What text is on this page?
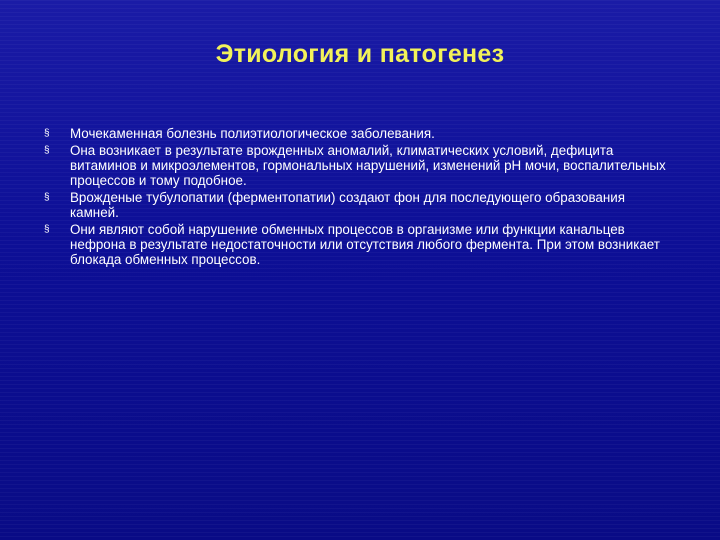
Этиология и патогенез
§ Мочекаменная болезнь полиэтиологическое заболевания.
§ Она возникает в результате врожденных аномалий, климатических условий, дефицита витаминов и микроэлементов, гормональных нарушений, изменений рН мочи, воспалительных процессов и тому подобное.
§ Врожденые тубулопатии (ферментопатии) создают фон для последующего образования камней.
§ Они являют собой нарушение обменных процессов в организме или функции канальцев нефрона в результате недостаточности или отсутствия любого фермента. При этом возникает блокада обменных процессов.
